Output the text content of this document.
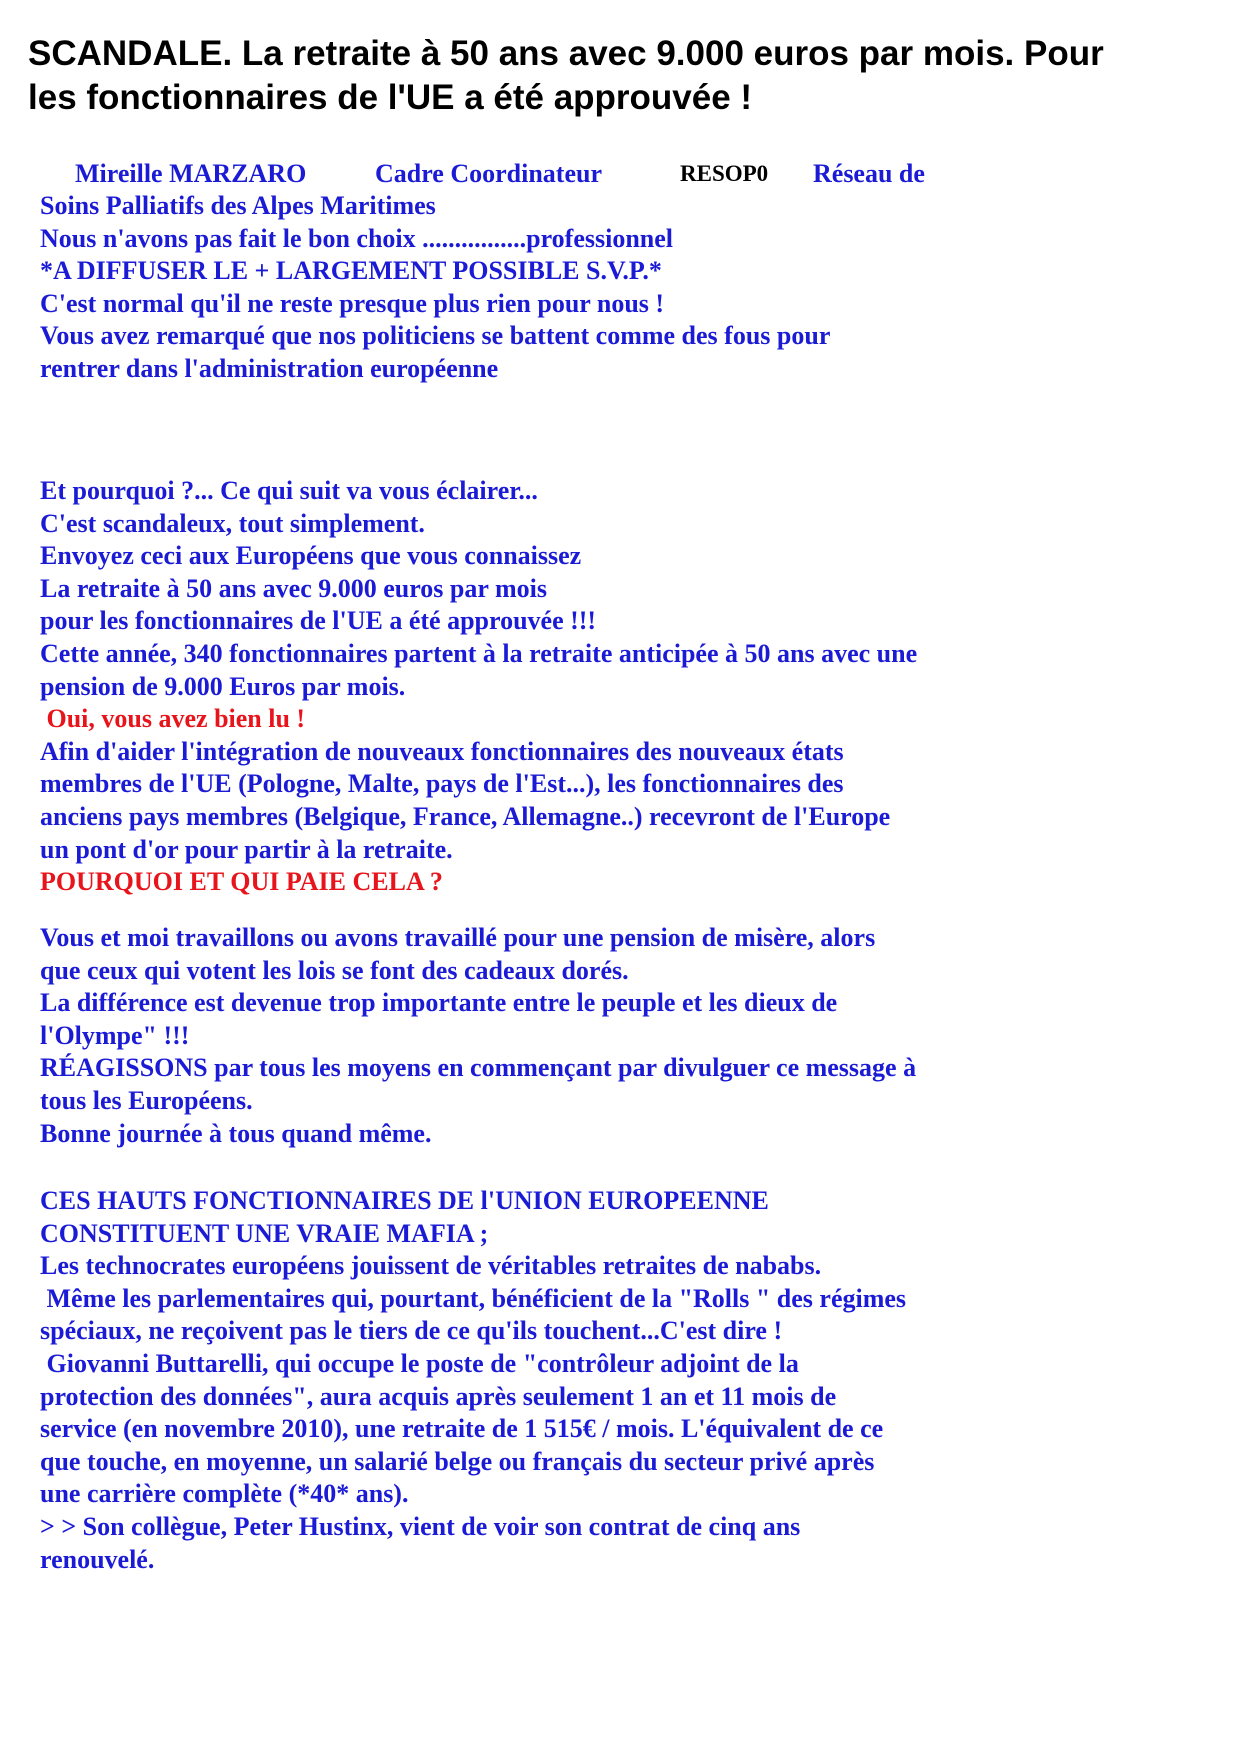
SCANDALE. La retraite à 50 ans avec 9.000 euros par mois. Pour
les fonctionnaires de l'UE a été approuvée !
Mireille MARZARO	Cadre Coordinateur	RESOP0 Réseau de
Soins Palliatifs des Alpes Maritimes
Nous n'avons pas fait le bon choix ................professionnel
*A DIFFUSER LE + LARGEMENT POSSIBLE S.V.P.*
C'est normal qu'il ne reste presque plus rien pour nous !
Vous avez remarqué que nos politiciens se battent comme des fous pour
rentrer dans l'administration européenne
Et pourquoi ?... Ce qui suit va vous éclairer...
C'est scandaleux, tout simplement.
Envoyez ceci aux Européens que vous connaissez
La retraite à 50 ans avec 9.000 euros par mois
pour les fonctionnaires de l'UE a été approuvée !!!
Cette année, 340 fonctionnaires partent à la retraite anticipée à 50 ans avec une
pension de 9.000 Euros par mois.
Oui, vous avez bien lu !
Afin d'aider l'intégration de nouveaux fonctionnaires des nouveaux états
membres de l'UE (Pologne, Malte, pays de l'Est...), les fonctionnaires des
anciens pays membres (Belgique, France, Allemagne..) recevront de l'Europe
un pont d'or pour partir à la retraite.
POURQUOI ET QUI PAIE CELA ?
Vous et moi travaillons ou avons travaillé pour une pension de misère, alors
que ceux qui votent les lois se font des cadeaux dorés.
La différence est devenue trop importante entre le peuple et les dieux de
l'Olympe" !!!
RÉAGISSONS par tous les moyens en commençant par divulguer ce message à
tous les Européens.
Bonne journée à tous quand même.
CES HAUTS FONCTIONNAIRES DE l'UNION EUROPEENNE
CONSTITUENT UNE VRAIE MAFIA ;
Les technocrates européens jouissent de véritables retraites de nababs.
Même les parlementaires qui, pourtant, bénéficient de la "Rolls " des régimes
spéciaux, ne reçoivent pas le tiers de ce qu'ils touchent...C'est dire !
Giovanni Buttarelli, qui occupe le poste de "contrôleur adjoint de la
protection des données", aura acquis après seulement 1 an et 11 mois de
service (en novembre 2010), une retraite de 1 515€ / mois. L'équivalent de ce
que touche, en moyenne, un salarié belge ou français du secteur privé après
une carrière complète (*40* ans).
> > Son collègue, Peter Hustinx, vient de voir son contrat de cinq ans
renouvelé.
